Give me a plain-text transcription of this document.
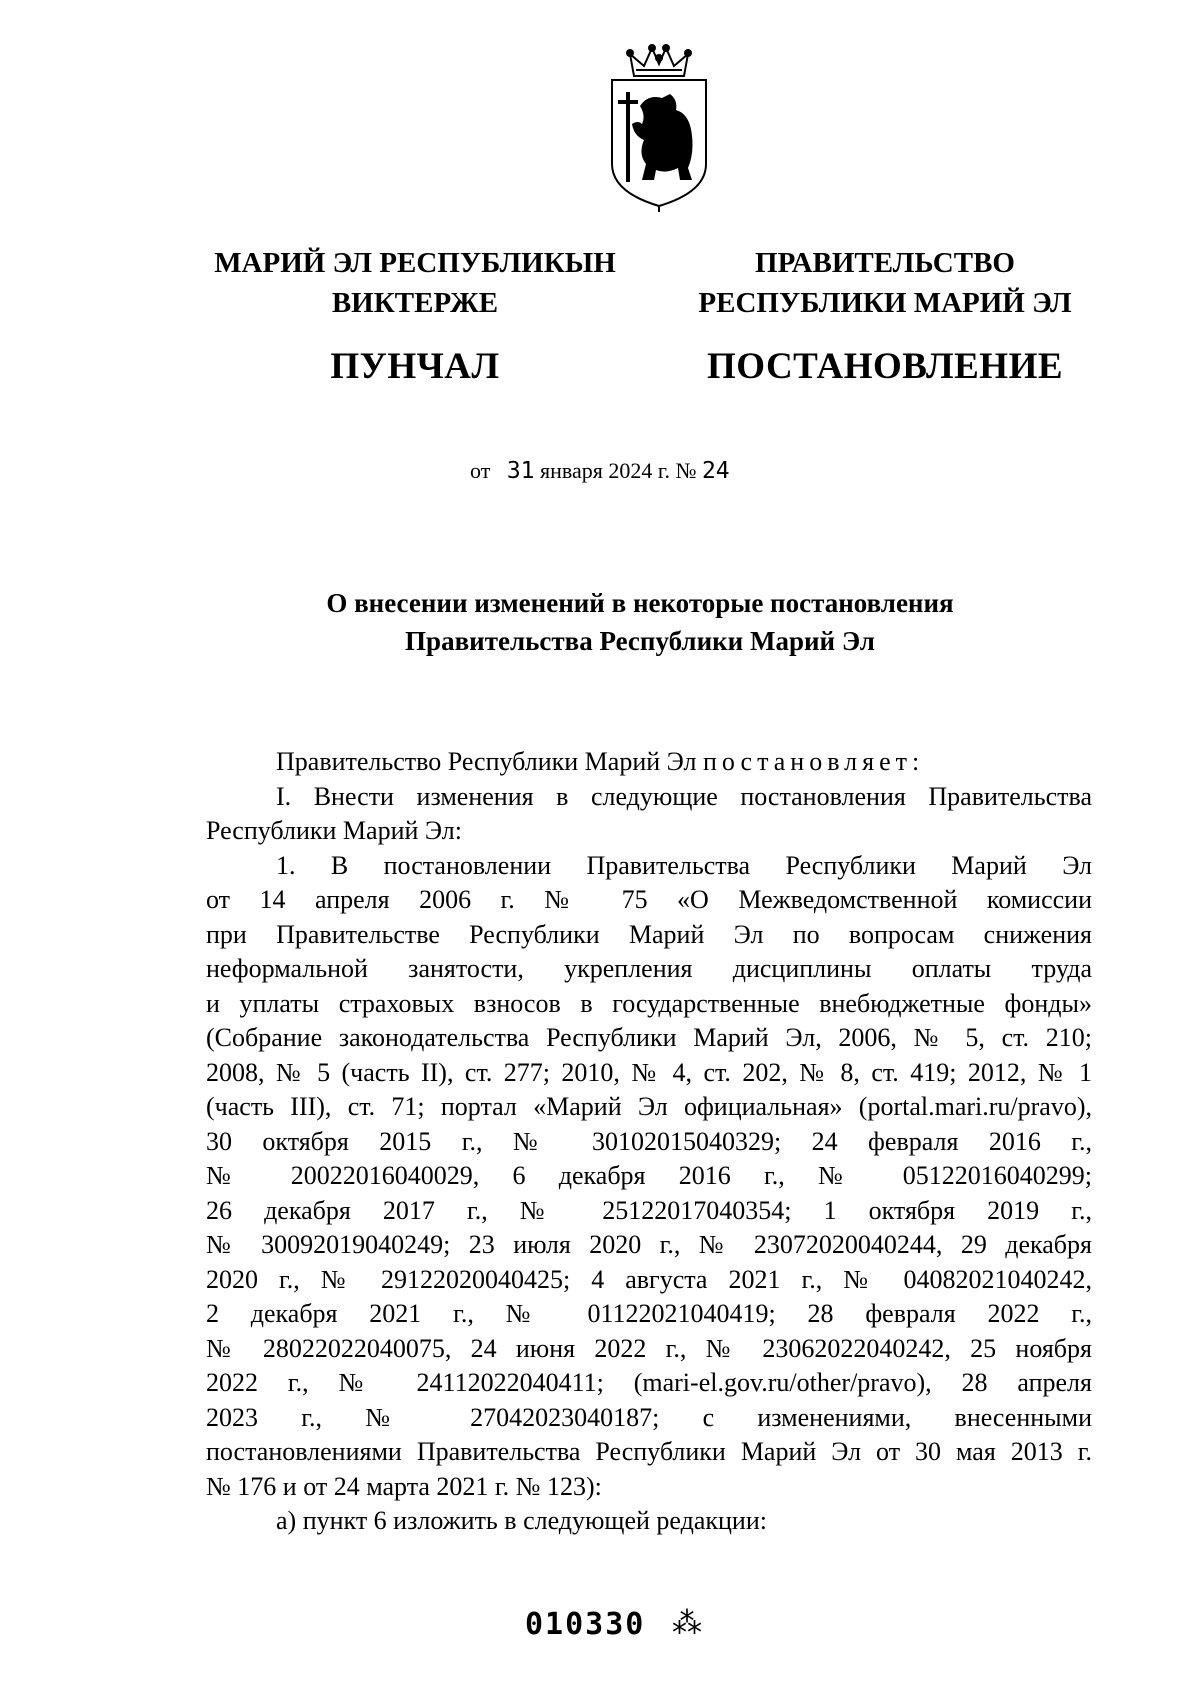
МАРИЙ ЭЛ РЕСПУБЛИКЫН
ВИКТЕРЖЕ
ПУНЧАЛ
ПРАВИТЕЛЬСТВО
РЕСПУБЛИКИ МАРИЙ ЭЛ
ПОСТАНОВЛЕНИЕ
от 31 января 2024 г. № 24
О внесении изменений в некоторые постановления
Правительства Республики Марий Эл

Правительство Республики Марий Эл постановляет:

I. Внести изменения в следующие постановления Правительства

Республики Марий Эл:

1. В постановлении Правительства Республики Марий Эл

от 14 апреля 2006 г. № 75 «О Межведомственной комиссии

при Правительстве Республики Марий Эл по вопросам снижения

неформальной занятости, укрепления дисциплины оплаты труда

и уплаты страховых взносов в государственные внебюджетные фонды»

(Собрание законодательства Республики Марий Эл, 2006, № 5, ст. 210;

2008, № 5 (часть II), ст. 277; 2010, № 4, ст. 202, № 8, ст. 419; 2012, № 1

(часть III), ст. 71; портал «Марий Эл официальная» (portal.mari.ru/pravo),

30 октября 2015 г., № 30102015040329; 24 февраля 2016 г.,

№ 20022016040029, 6 декабря 2016 г., № 05122016040299;

26 декабря 2017 г., № 25122017040354; 1 октября 2019 г.,

№ 30092019040249; 23 июля 2020 г., № 23072020040244, 29 декабря

2020 г., № 29122020040425; 4 августа 2021 г., № 04082021040242,

2 декабря 2021 г., № 01122021040419; 28 февраля 2022 г.,

№ 28022022040075, 24 июня 2022 г., № 23062022040242, 25 ноября

2022 г., № 24112022040411; (mari-el.gov.ru/other/pravo), 28 апреля

2023 г., № 27042023040187; с изменениями, внесенными

постановлениями Правительства Республики Марий Эл от 30 мая 2013 г.

№ 176 и от 24 марта 2021 г. № 123):

а) пункт 6 изложить в следующей редакции:

010330 ⁂
